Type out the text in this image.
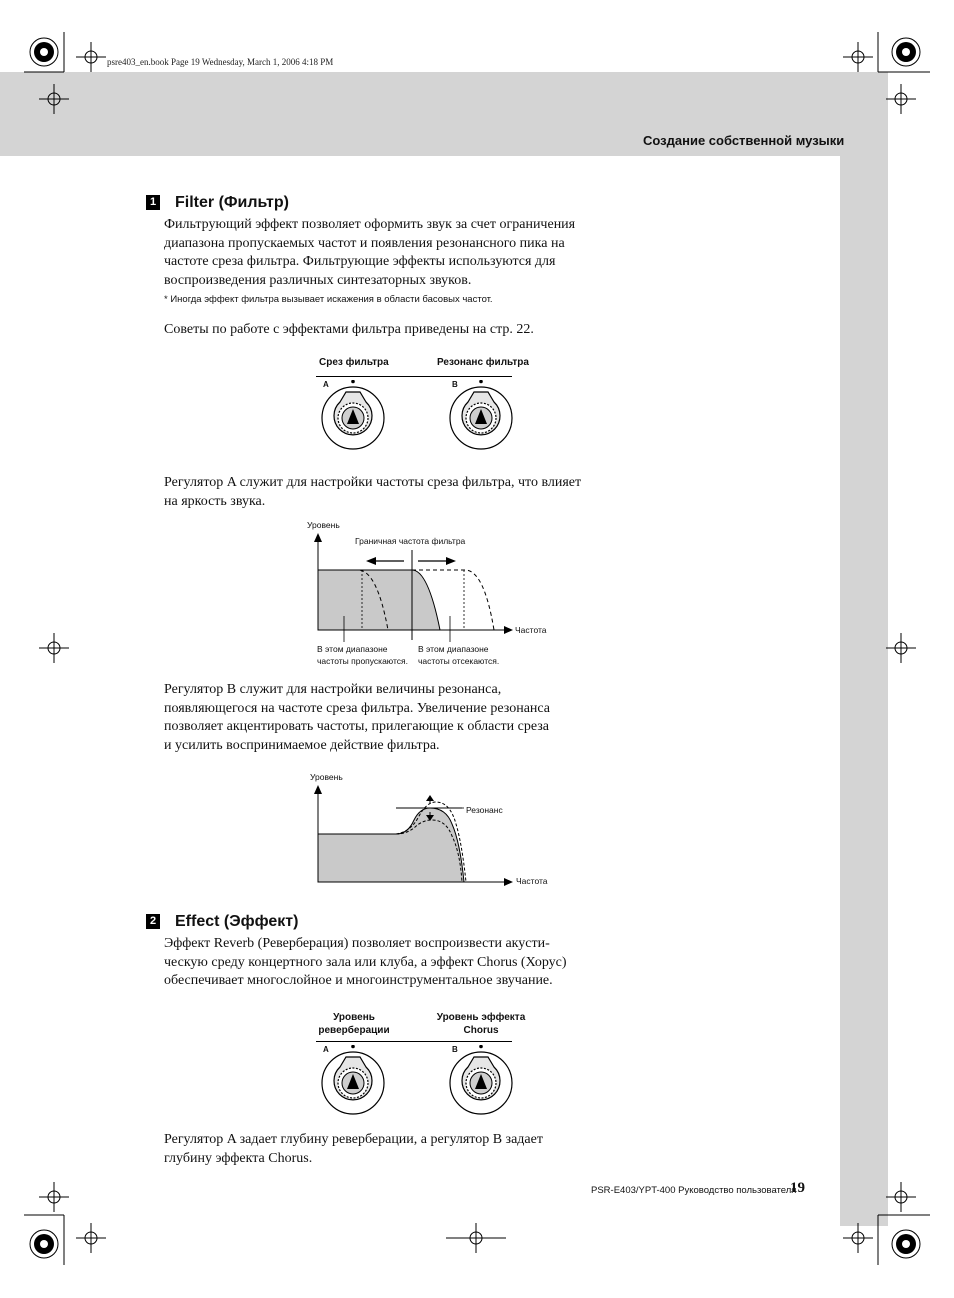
psre403_en.book Page 19 Wednesday, March 1, 2006 4:18 PM
Создание собственной музыки
1 Filter (Фильтр)

Фильтрующий эффект позволяет оформить звук за счет ограничения

диапазона пропускаемых частот и появления резонансного пика на

частоте среза фильтра. Фильтрующие эффекты используются для

воспроизведения различных синтезаторных звуков.

* Иногда эффект фильтра вызывает искажения в области басовых частот.

Советы по работе с эффектами фильтра приведены на стр. 22.

Срез фильтра	Резонанс фильтра
A	B

Регулятор A служит для настройки частоты среза фильтра, что влияет

на яркость звука.

Уровень
Граничная частота фильтра
Частота
В этом диапазоне
частоты пропускаются.
В этом диапазоне
частоты отсекаются.

Регулятор B служит для настройки величины резонанса,

появляющегося на частоте среза фильтра. Увеличение резонанса

позволяет акцентировать частоты, прилегающие к области среза

и усилить воспринимаемое действие фильтра.

Уровень
Резонанс
Частота
2 Effect (Эффект)

Эффект Reverb (Реверберация) позволяет воспроизвести акусти-

ческую среду концертного зала или клуба, а эффект Chorus (Хорус)

обеспечивает многослойное и многоинструментальное звучание.

Уровень
реверберации
Уровень эффекта
Chorus
A	B

Регулятор A задает глубину реверберации, а регулятор B задает

глубину эффекта Chorus.

PSR-E403/YPT-400 Руководство пользователя
19
